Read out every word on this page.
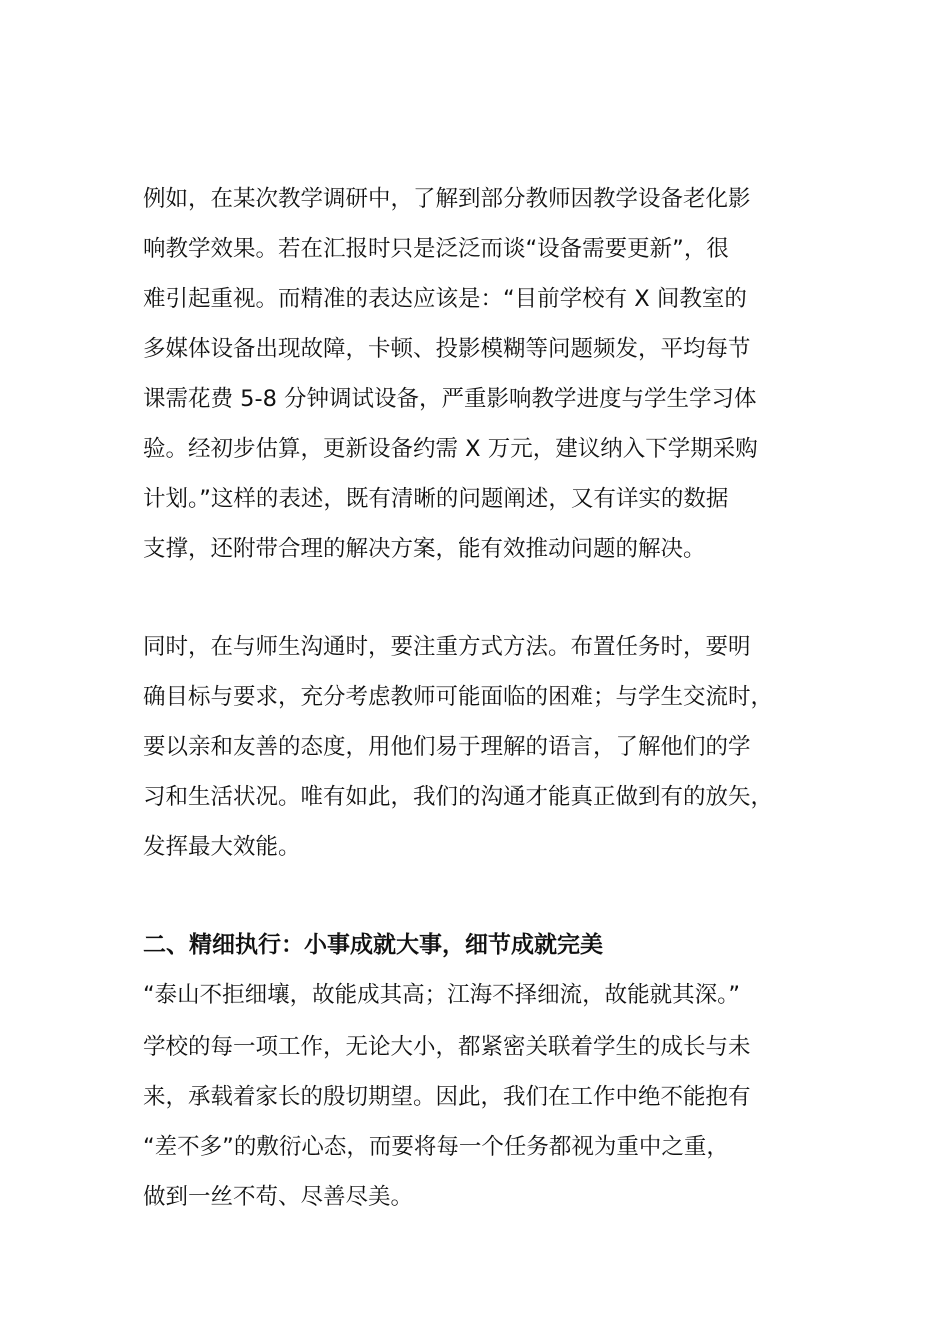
例如，在某次教学调研中，了解到部分教师因教学设备老化影
响教学效果。若在汇报时只是泛泛而谈“设备需要更新”，很
难引起重视。而精准的表达应该是：“目前学校有 X 间教室的
多媒体设备出现故障，卡顿、投影模糊等问题频发，平均每节
课需花费 5-8 分钟调试设备，严重影响教学进度与学生学习体
验。经初步估算，更新设备约需 X 万元，建议纳入下学期采购
计划。”这样的表述，既有清晰的问题阐述，又有详实的数据
支撑，还附带合理的解决方案，能有效推动问题的解决。
同时，在与师生沟通时，要注重方式方法。布置任务时，要明
确目标与要求，充分考虑教师可能面临的困难；与学生交流时，
要以亲和友善的态度，用他们易于理解的语言，了解他们的学
习和生活状况。唯有如此，我们的沟通才能真正做到有的放矢，
发挥最大效能。
二、精细执行：小事成就大事，细节成就完美
“泰山不拒细壤，故能成其高；江海不择细流，故能就其深。”
学校的每一项工作，无论大小，都紧密关联着学生的成长与未
来，承载着家长的殷切期望。因此，我们在工作中绝不能抱有
“差不多”的敷衍心态，而要将每一个任务都视为重中之重，
做到一丝不苟、尽善尽美。
